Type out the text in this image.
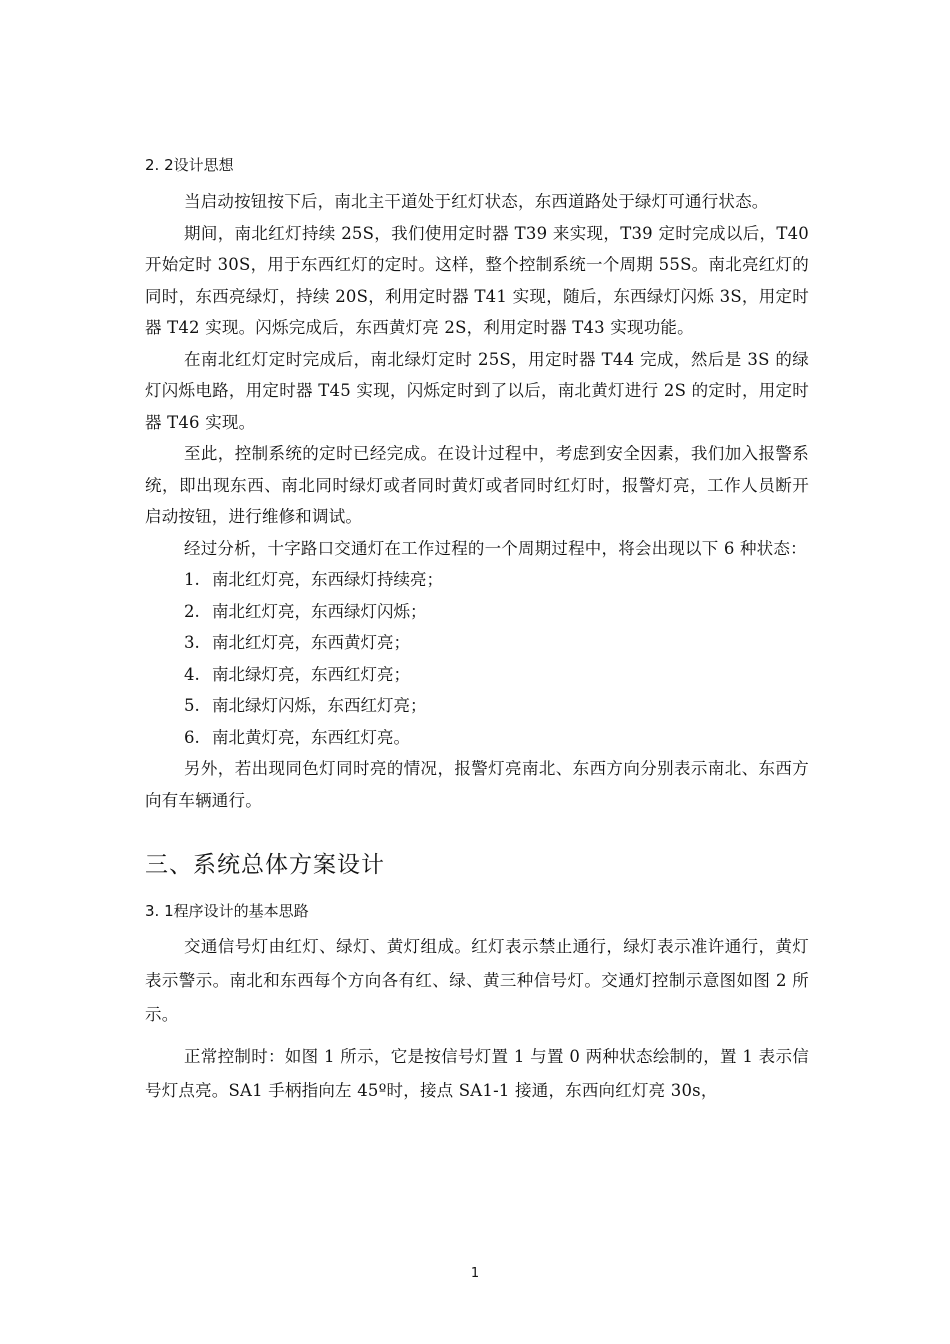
2. 2设计思想

当启动按钮按下后，南北主干道处于红灯状态，东西道路处于绿灯可通行状态。

期间，南北红灯持续 25S，我们使用定时器 T39 来实现，T39 定时完成以后，T40 开始定时 30S，用于东西红灯的定时。这样，整个控制系统一个周期 55S。南北亮红灯的同时，东西亮绿灯，持续 20S，利用定时器 T41 实现，随后，东西绿灯闪烁 3S，用定时器 T42 实现。闪烁完成后，东西黄灯亮 2S，利用定时器 T43 实现功能。

在南北红灯定时完成后，南北绿灯定时 25S，用定时器 T44 完成，然后是 3S 的绿灯闪烁电路，用定时器 T45 实现，闪烁定时到了以后，南北黄灯进行 2S 的定时，用定时器 T46 实现。

至此，控制系统的定时已经完成。在设计过程中，考虑到安全因素，我们加入报警系统，即出现东西、南北同时绿灯或者同时黄灯或者同时红灯时，报警灯亮，工作人员断开启动按钮，进行维修和调试。

经过分析，十字路口交通灯在工作过程的一个周期过程中，将会出现以下 6 种状态：

1. 南北红灯亮，东西绿灯持续亮；
2. 南北红灯亮，东西绿灯闪烁；
3. 南北红灯亮，东西黄灯亮；
4. 南北绿灯亮，东西红灯亮；
5. 南北绿灯闪烁，东西红灯亮；
6. 南北黄灯亮，东西红灯亮。

另外，若出现同色灯同时亮的情况，报警灯亮南北、东西方向分别表示南北、东西方向有车辆通行。

三、系统总体方案设计
3. 1程序设计的基本思路

交通信号灯由红灯、绿灯、黄灯组成。红灯表示禁止通行，绿灯表示准许通行，黄灯表示警示。南北和东西每个方向各有红、绿、黄三种信号灯。交通灯控制示意图如图 2 所示。

正常控制时：如图 1 所示，它是按信号灯置 1 与置 0 两种状态绘制的，置 1 表示信号灯点亮。SA1 手柄指向左 45º时，接点 SA1-1 接通，东西向红灯亮 30s，

1
